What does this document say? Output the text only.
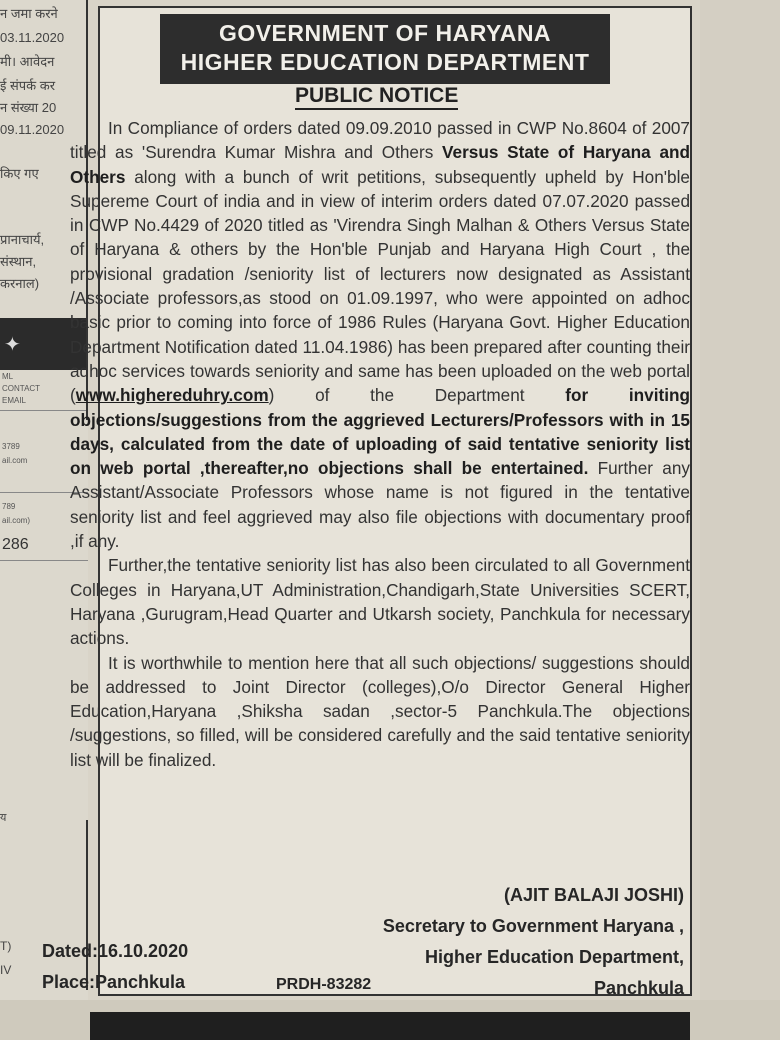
न जमा करने
03.11.2020
मी। आवेदन
ई संपर्क कर
न संख्या 20
09.11.2020
किए गए
प्रानाचार्य,
संस्थान,
करनाल)
✦
ML
CONTACT
EMAIL
3789
ail.com
789
ail.com)
286
य
T)
IV
GOVERNMENT OF HARYANA
HIGHER EDUCATION DEPARTMENT
PUBLIC NOTICE

In Compliance of orders dated 09.09.2010 passed in CWP No.8604 of 2007 titled as 'Surendra Kumar Mishra and Others Versus State of Haryana and Others along with a bunch of writ petitions, subsequently upheld by Hon'ble Supereme Court of india and in view of interim orders dated 07.07.2020 passed in CWP No.4429 of 2020 titled as 'Virendra Singh Malhan & Others Versus State of Haryana & others by the Hon'ble Punjab and Haryana High Court , the provisional gradation /seniority list of lecturers now designated as Assistant /Associate professors,as stood on 01.09.1997, who were appointed on adhoc basic prior to coming into force of 1986 Rules (Haryana Govt. Higher Education Department Notification dated 11.04.1986) has been prepared after counting their adhoc services towards seniority and same has been uploaded on the web portal (www.highereduhry.com) of the Department for inviting objections/suggestions from the aggrieved Lecturers/Professors with in 15 days, calculated from the date of uploading of said tentative seniority list on web portal ,thereafter,no objections shall be entertained. Further any Assistant/Associate Professors whose name is not figured in the tentative seniority list and feel aggrieved may also file objections with documentary proof ,if any.

Further,the tentative seniority list has also been circulated to all Government Colleges in Haryana,UT Administration,Chandigarh,State Universities SCERT, Haryana ,Gurugram,Head Quarter and Utkarsh society, Panchkula for necessary actions.

It is worthwhile to mention here that all such objections/ suggestions should be addressed to Joint Director (colleges),O/o Director General Higher Education,Haryana ,Shiksha sadan ,sector-5 Panchkula.The objections /suggestions, so filled, will be considered carefully and the said tentative seniority list will be finalized.

(AJIT BALAJI JOSHI)
Secretary to Government Haryana ,
Higher Education Department,
Panchkula
Dated:16.10.2020
Place:Panchkula	PRDH-83282
